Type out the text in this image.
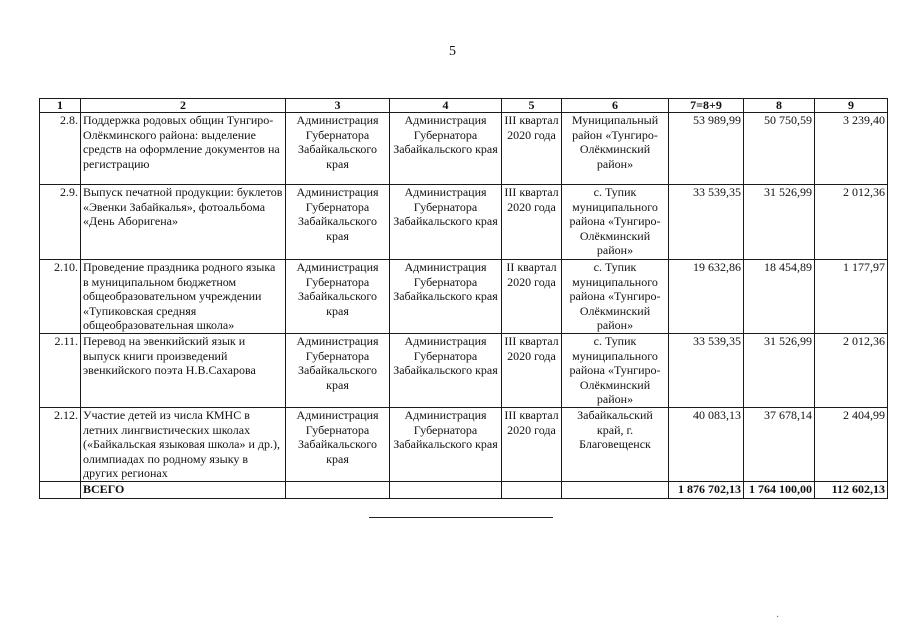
5
1	2	3	4	5	6	7=8+9	8	9
2.8.	Поддержка родовых общин Тунгиро-Олёкминского района: выделение средств на оформление документов на регистрацию	Администрация Губернатора Забайкальского края	Администрация Губернатора Забайкальского края	III квартал 2020 года	Муниципальный район «Тунгиро-Олёкминский район»	53 989,99	50 750,59	3 239,40
2.9.	Выпуск печатной продукции: буклетов «Эвенки Забайкалья», фотоальбома «День Аборигена»	Администрация Губернатора Забайкальского края	Администрация Губернатора Забайкальского края	III квартал 2020 года	с. Тупик муниципального района «Тунгиро-Олёкминский район»	33 539,35	31 526,99	2 012,36
2.10.	Проведение праздника родного языка в муниципальном бюджетном общеобразовательном учреждении «Тупиковская средняя общеобразовательная школа»	Администрация Губернатора Забайкальского края	Администрация Губернатора Забайкальского края	II квартал 2020 года	с. Тупик муниципального района «Тунгиро-Олёкминский район»	19 632,86	18 454,89	1 177,97
2.11.	Перевод на эвенкийский язык и выпуск книги произведений эвенкийского поэта Н.В.Сахарова	Администрация Губернатора Забайкальского края	Администрация Губернатора Забайкальского края	III квартал 2020 года	с. Тупик муниципального района «Тунгиро-Олёкминский район»	33 539,35	31 526,99	2 012,36
2.12.	Участие детей из числа КМНС в летних лингвистических школах («Байкальская языковая школа» и др.), олимпиадах по родному языку в других регионах	Администрация Губернатора Забайкальского края	Администрация Губернатора Забайкальского края	III квартал 2020 года	Забайкальский край, г. Благовещенск	40 083,13	37 678,14	2 404,99
	ВСЕГО					1 876 702,13	1 764 100,00	112 602,13
·
